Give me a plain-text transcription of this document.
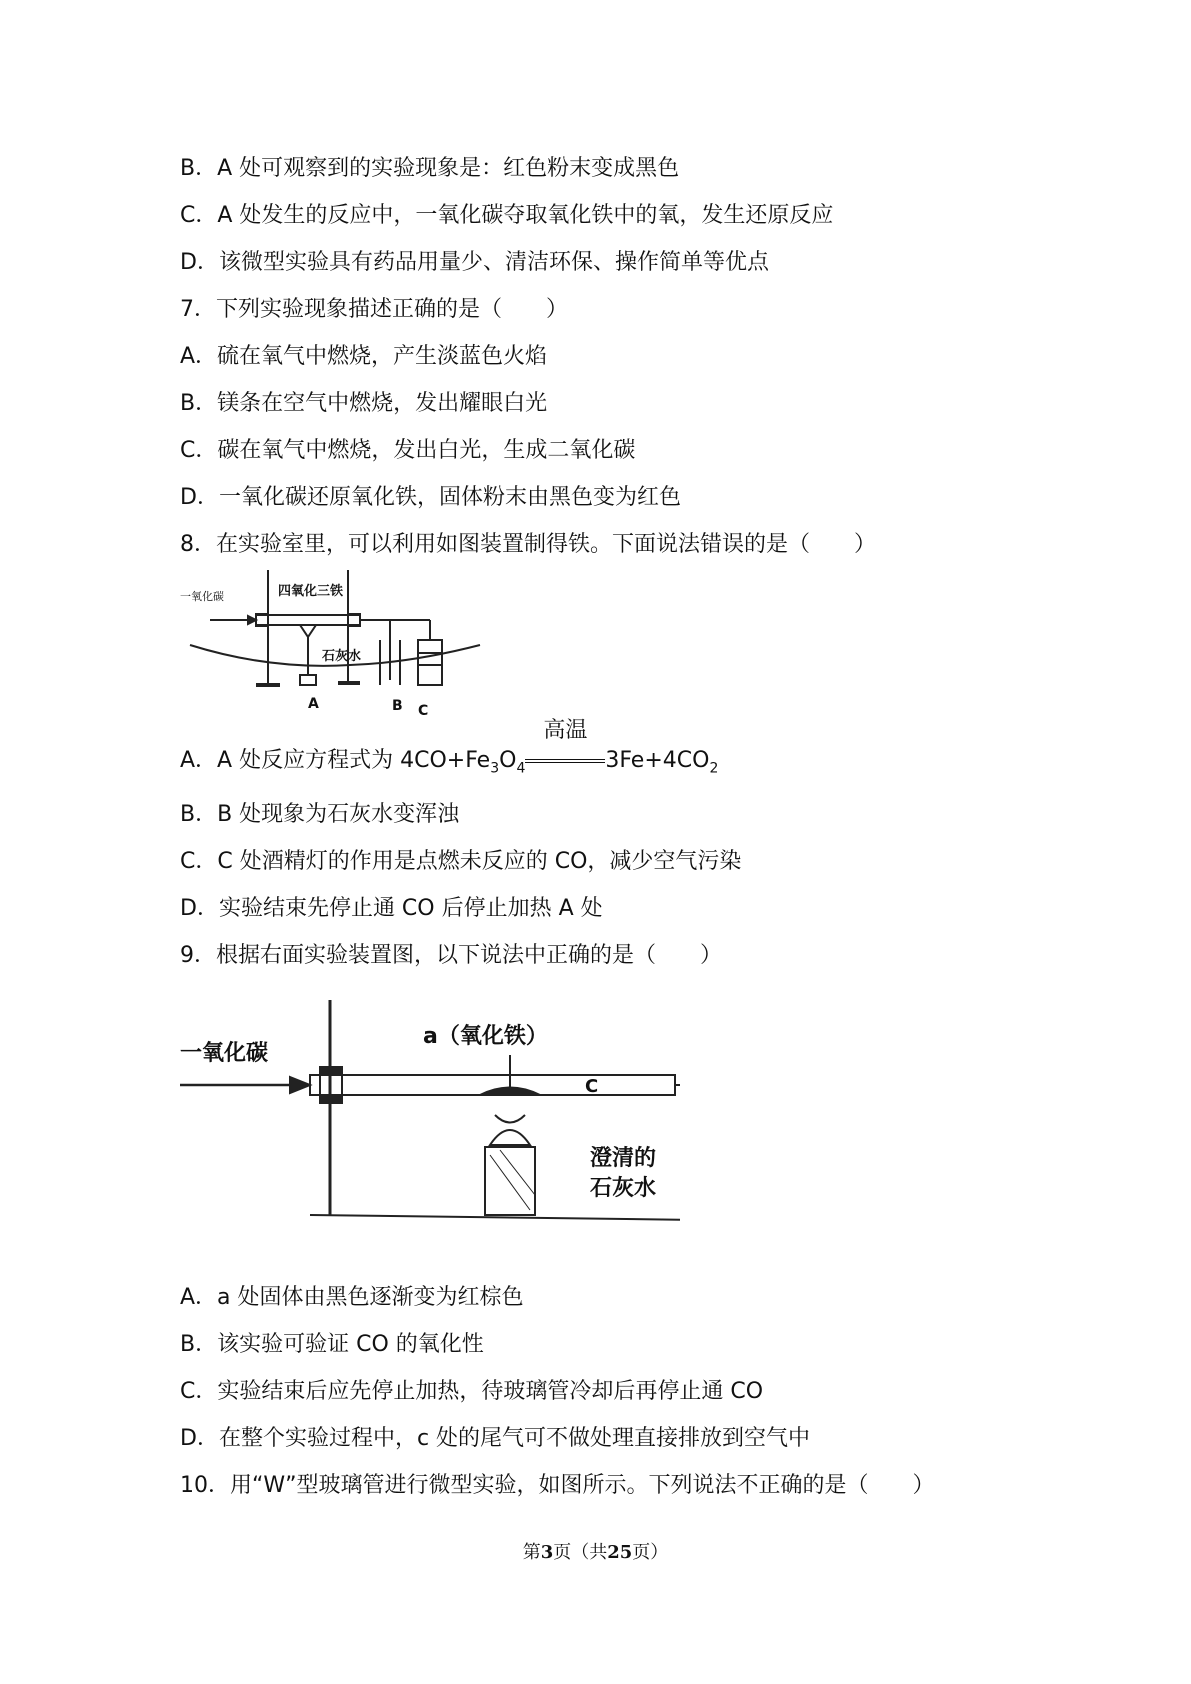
B．A 处可观察到的实验现象是：红色粉末变成黑色
C．A 处发生的反应中，一氧化碳夺取氧化铁中的氧，发生还原反应
D．该微型实验具有药品用量少、清洁环保、操作简单等优点
7．下列实验现象描述正确的是（　　）
A．硫在氧气中燃烧，产生淡蓝色火焰
B．镁条在空气中燃烧，发出耀眼白光
C．碳在氧气中燃烧，发出白光，生成二氧化碳
D．一氧化碳还原氧化铁，固体粉末由黑色变为红色
8．在实验室里，可以利用如图装置制得铁。下面说法错误的是（　　）
一氧化碳	四氧化三铁
石灰水
A	B C
A．A 处反应方程式为 $4CO+Fe_3O_4$
高温
$3Fe+4CO_2$
B．B 处现象为石灰水变浑浊
C．C 处酒精灯的作用是点燃未反应的 CO，减少空气污染
D．实验结束先停止通 CO 后停止加热 A 处
9．根据右面实验装置图，以下说法中正确的是（　　）
一氧化碳
a（氧化铁）
C
澄清的
石灰水
A．a 处固体由黑色逐渐变为红棕色
B．该实验可验证 CO 的氧化性
C．实验结束后应先停止加热，待玻璃管冷却后再停止通 CO
D．在整个实验过程中，c 处的尾气可不做处理直接排放到空气中
10．用“W”型玻璃管进行微型实验，如图所示。下列说法不正确的是（　　）
第3页（共25页）
